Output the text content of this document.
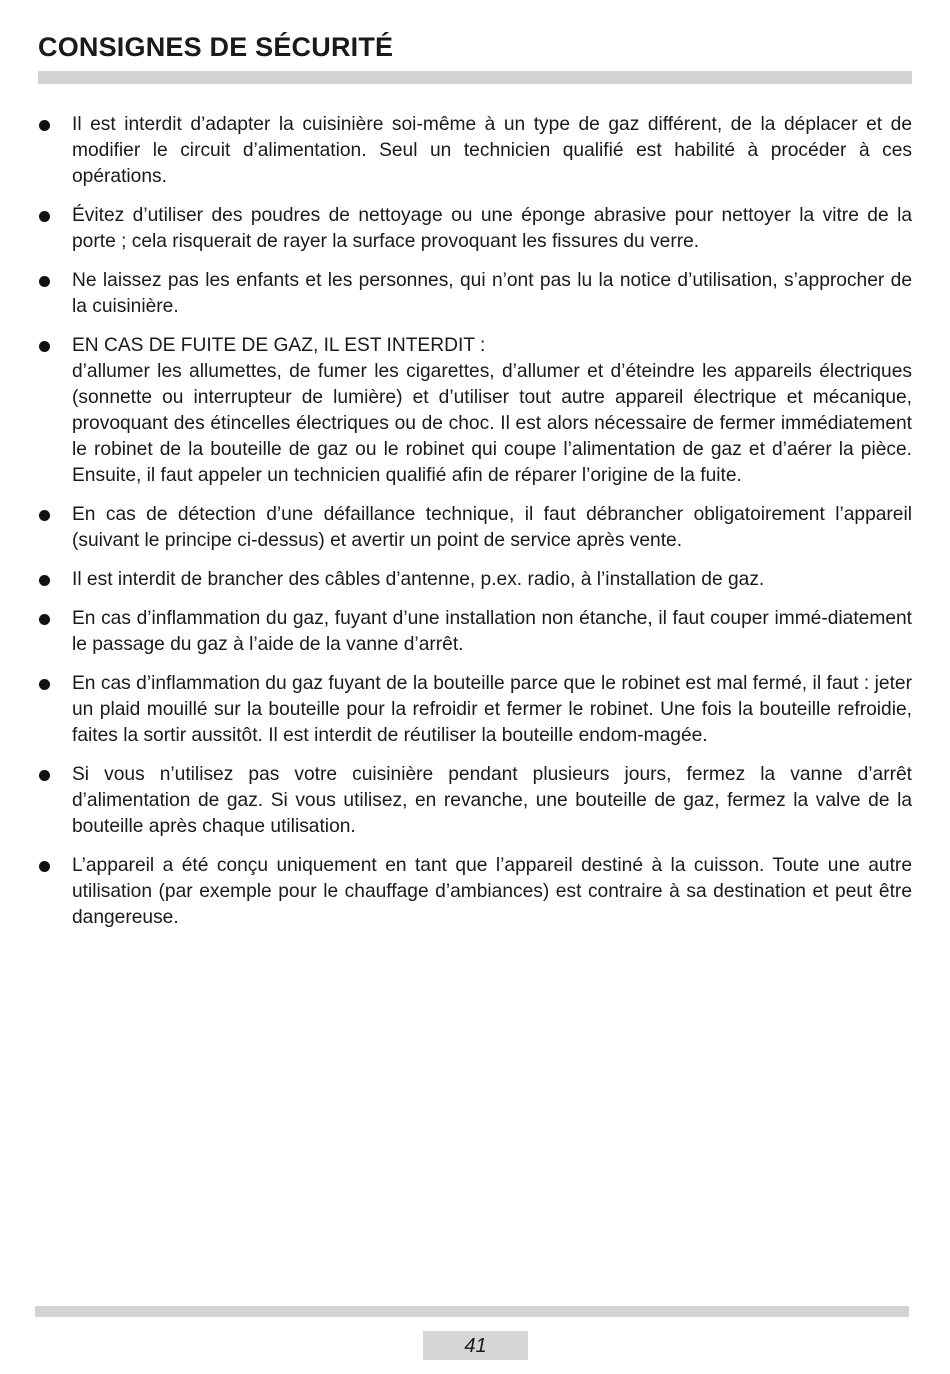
CONSIGNES DE SÉCURITÉ
Il est interdit d’adapter la cuisinière soi-même à un type de gaz différent, de la déplacer et de modifier le circuit d’alimentation. Seul un technicien qualifié est habilité à procéder à ces opérations.
Évitez d’utiliser des poudres de nettoyage ou une éponge abrasive pour nettoyer la vitre de la porte ; cela risquerait de rayer la surface provoquant les fissures du verre.
Ne laissez pas les enfants et les personnes, qui n’ont pas lu la notice d’utilisation, s’approcher de la cuisinière.
EN CAS DE FUITE DE GAZ, IL EST INTERDIT :
d’allumer les allumettes, de fumer les cigarettes, d’allumer et d’éteindre les appareils électriques (sonnette ou interrupteur de lumière) et d’utiliser tout autre appareil électrique et mécanique, provoquant des étincelles électriques ou de choc. Il est alors nécessaire de fermer immédiatement le robinet de la bouteille de gaz ou le robinet qui coupe l’alimentation de gaz et d’aérer la pièce. Ensuite, il faut appeler un technicien qualifié afin de réparer l’origine de la fuite.
En cas de détection d’une défaillance technique, il faut débrancher obligatoirement l’appareil (suivant le principe ci-dessus) et avertir un point de service après vente.
Il est interdit de brancher des câbles d’antenne, p.ex. radio, à l’installation de gaz.
En cas d’inflammation du gaz, fuyant d’une installation non étanche, il faut couper immé-diatement le passage du gaz à l’aide de la vanne d’arrêt.
En cas d’inflammation du gaz fuyant de la bouteille parce que le robinet est mal fermé, il faut : jeter un plaid mouillé sur la bouteille pour la refroidir et fermer le robinet. Une fois la bouteille refroidie, faites la sortir aussitôt. Il est interdit de réutiliser la bouteille endom-magée.
Si vous n’utilisez pas votre cuisinière pendant plusieurs jours, fermez la vanne d’arrêt d’alimentation de gaz. Si vous utilisez, en revanche, une bouteille de gaz, fermez la valve de la bouteille après chaque utilisation.
L’appareil a été conçu uniquement en tant que l’appareil destiné à la cuisson. Toute une autre utilisation (par exemple pour le chauffage d’ambiances) est contraire à sa destination et peut être dangereuse.
41
